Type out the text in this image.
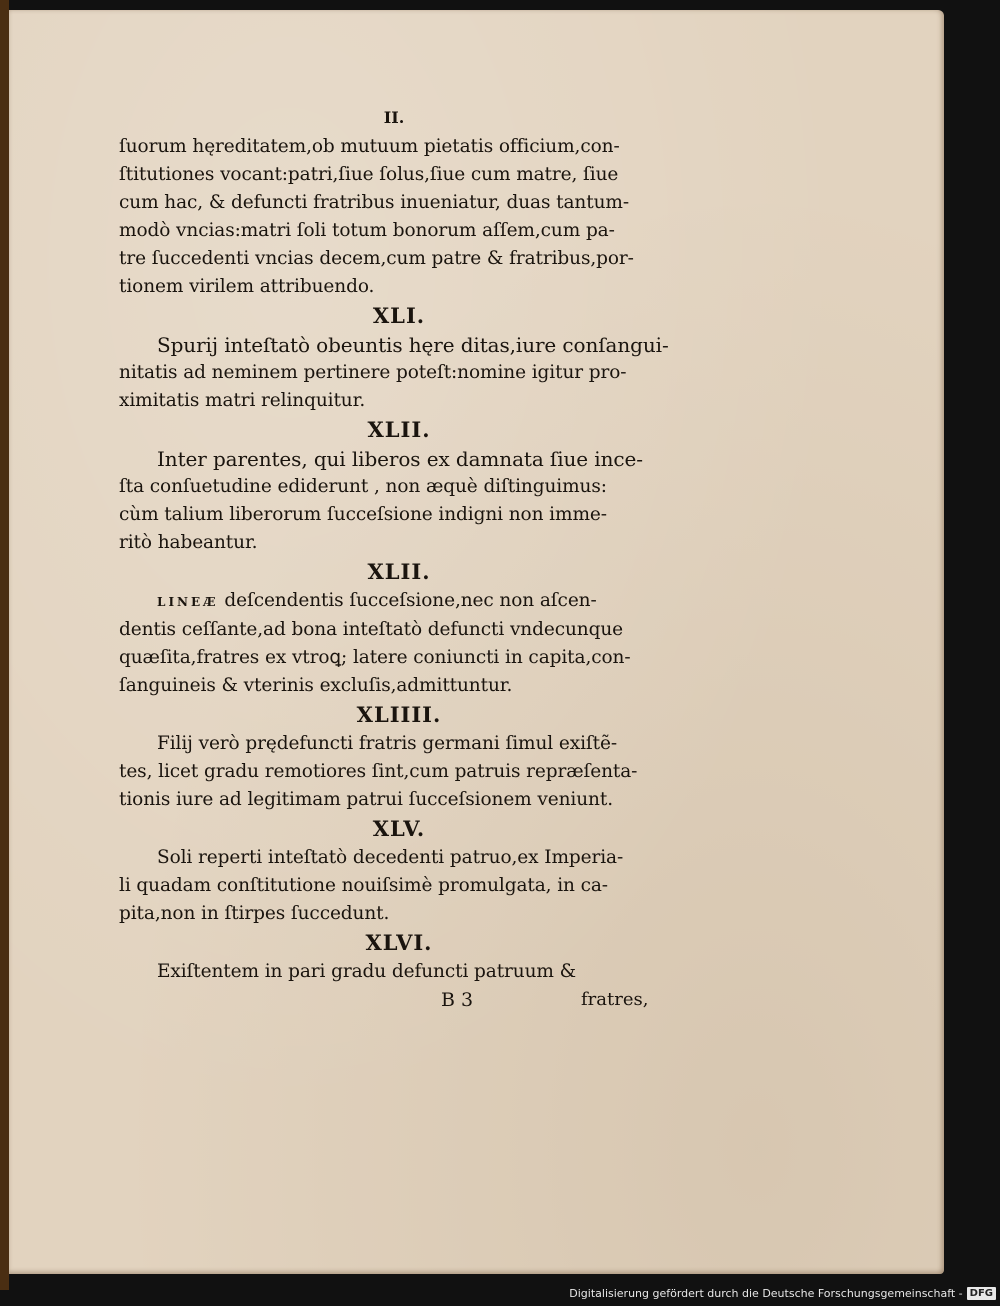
II.
ſuorum hęreditatem,ob mutuum pietatis officium,con-
ſtitutiones vocant:patri,ſiue ſolus,ſiue cum matre, ſiue
cum hac, & defuncti fratribus inueniatur, duas tantum-
modò vncias:matri ſoli totum bonorum aſſem,cum pa-
tre ſuccedenti vncias decem,cum patre & fratribus,por-
tionem virilem attribuendo.
XLI.
Spurij inteſtatò obeuntis hęre ditas,iure conſangui-
nitatis ad neminem pertinere poteſt:nomine igitur pro-
ximitatis matri relinquitur.
XLII.
Inter parentes, qui liberos ex damnata ſiue ince-
ſta conſuetudine ediderunt , non æquè diſtinguimus:
cùm talium liberorum ſucceſsione indigni non imme-
ritò habeantur.
XLII.
LINEÆ deſcendentis ſucceſsione,nec non aſcen-
dentis ceſſante,ad bona inteſtatò defuncti vndecunque
quæſita,fratres ex vtroꝗ; latere coniuncti in capita,con-
ſanguineis & vterinis excluſis,admittuntur.
XLIIII.
Filij verò prędefuncti fratris germani ſimul exiſtẽ-
tes, licet gradu remotiores ſint,cum patruis repræſenta-
tionis iure ad legitimam patrui ſucceſsionem veniunt.
XLV.
Soli reperti inteſtatò decedenti patruo,ex Imperia-
li quadam conſtitutione nouiſsimè promulgata, in ca-
pita,non in ſtirpes ſuccedunt.
XLVI.
Exiſtentem in pari gradu defuncti patruum &
B 3	fratres,
Digitalisierung gefördert durch die Deutsche Forschungsgemeinschaft - DFG
